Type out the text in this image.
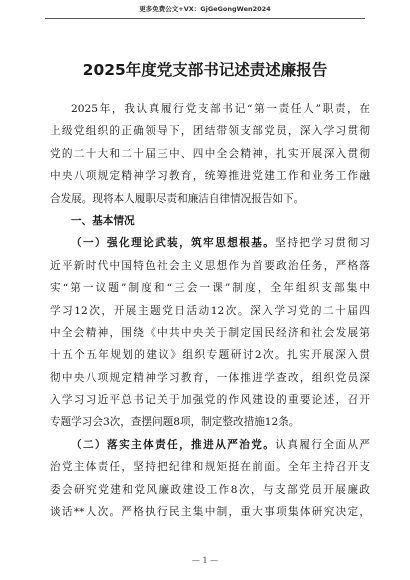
更多免费公文+VX：GjGeGongWen2024
2025年度党支部书记述责述廉报告
2025年，我认真履行党支部书记“第一责任人”职责，在
上级党组织的正确领导下，团结带领支部党员，深入学习贯彻
党的二十大和二十届三中、四中全会精神，扎实开展深入贯彻
中央八项规定精神学习教育，统筹推进党建工作和业务工作融
合发展。现将本人履职尽责和廉洁自律情况报告如下。
一、基本情况
（一）强化理论武装，筑牢思想根基。坚持把学习贯彻习
近平新时代中国特色社会主义思想作为首要政治任务，严格落
实“第一议题”制度和“三会一课”制度，全年组织支部集中
学习12次，开展主题党日活动12次。深入学习党的二十届四
中全会精神，围绕《中共中央关于制定国民经济和社会发展第
十五个五年规划的建议》组织专题研讨2次。扎实开展深入贯
彻中央八项规定精神学习教育，一体推进学查改，组织党员深
入学习习近平总书记关于加强党的作风建设的重要论述，召开
专题学习会3次，查摆问题8项，制定整改措施12条。
（二）落实主体责任，推进从严治党。认真履行全面从严
治党主体责任，坚持把纪律和规矩挺在前面。全年主持召开支
委会研究党建和党风廉政建设工作8次，与支部党员开展廉政
谈话**人次。严格执行民主集中制，重大事项集体研究决定，
— 1 —
